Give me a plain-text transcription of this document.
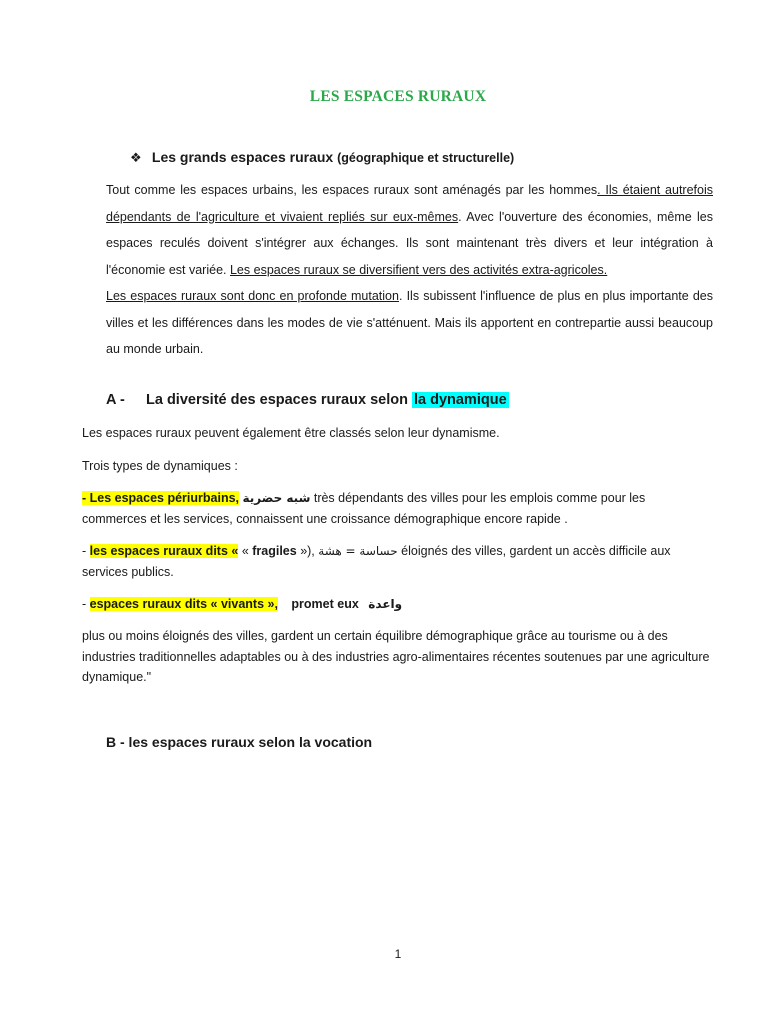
LES ESPACES RURAUX
❖ Les grands espaces ruraux (géographique et structurelle)

Tout comme les espaces urbains, les espaces ruraux sont aménagés par les hommes. Ils étaient autrefois dépendants de l'agriculture et vivaient repliés sur eux-mêmes. Avec l'ouverture des économies, même les espaces reculés doivent s'intégrer aux échanges. Ils sont maintenant très divers et leur intégration à l'économie est variée. Les espaces ruraux se diversifient vers des activités extra-agricoles.

Les espaces ruraux sont donc en profonde mutation. Ils subissent l'influence de plus en plus importante des villes et les différences dans les modes de vie s'atténuent. Mais ils apportent en contrepartie aussi beaucoup au monde urbain.

A - La diversité des espaces ruraux selon la dynamique
Les espaces ruraux peuvent également être classés selon leur dynamisme.
Trois types de dynamiques :
- Les espaces périurbains, شبه حضرية très dépendants des villes pour les emplois comme pour les commerces et les services, connaissent une croissance démographique encore rapide .
- les espaces ruraux dits « « fragiles »), حساسة = هشة éloignés des villes, gardent un accès difficile aux services publics.
- espaces ruraux dits « vivants », promet eux واعدة
plus ou moins éloignés des villes, gardent un certain équilibre démographique grâce au tourisme ou à des industries traditionnelles adaptables ou à des industries agro-alimentaires récentes soutenues par une agriculture dynamique."
B - les espaces ruraux selon la vocation
1
